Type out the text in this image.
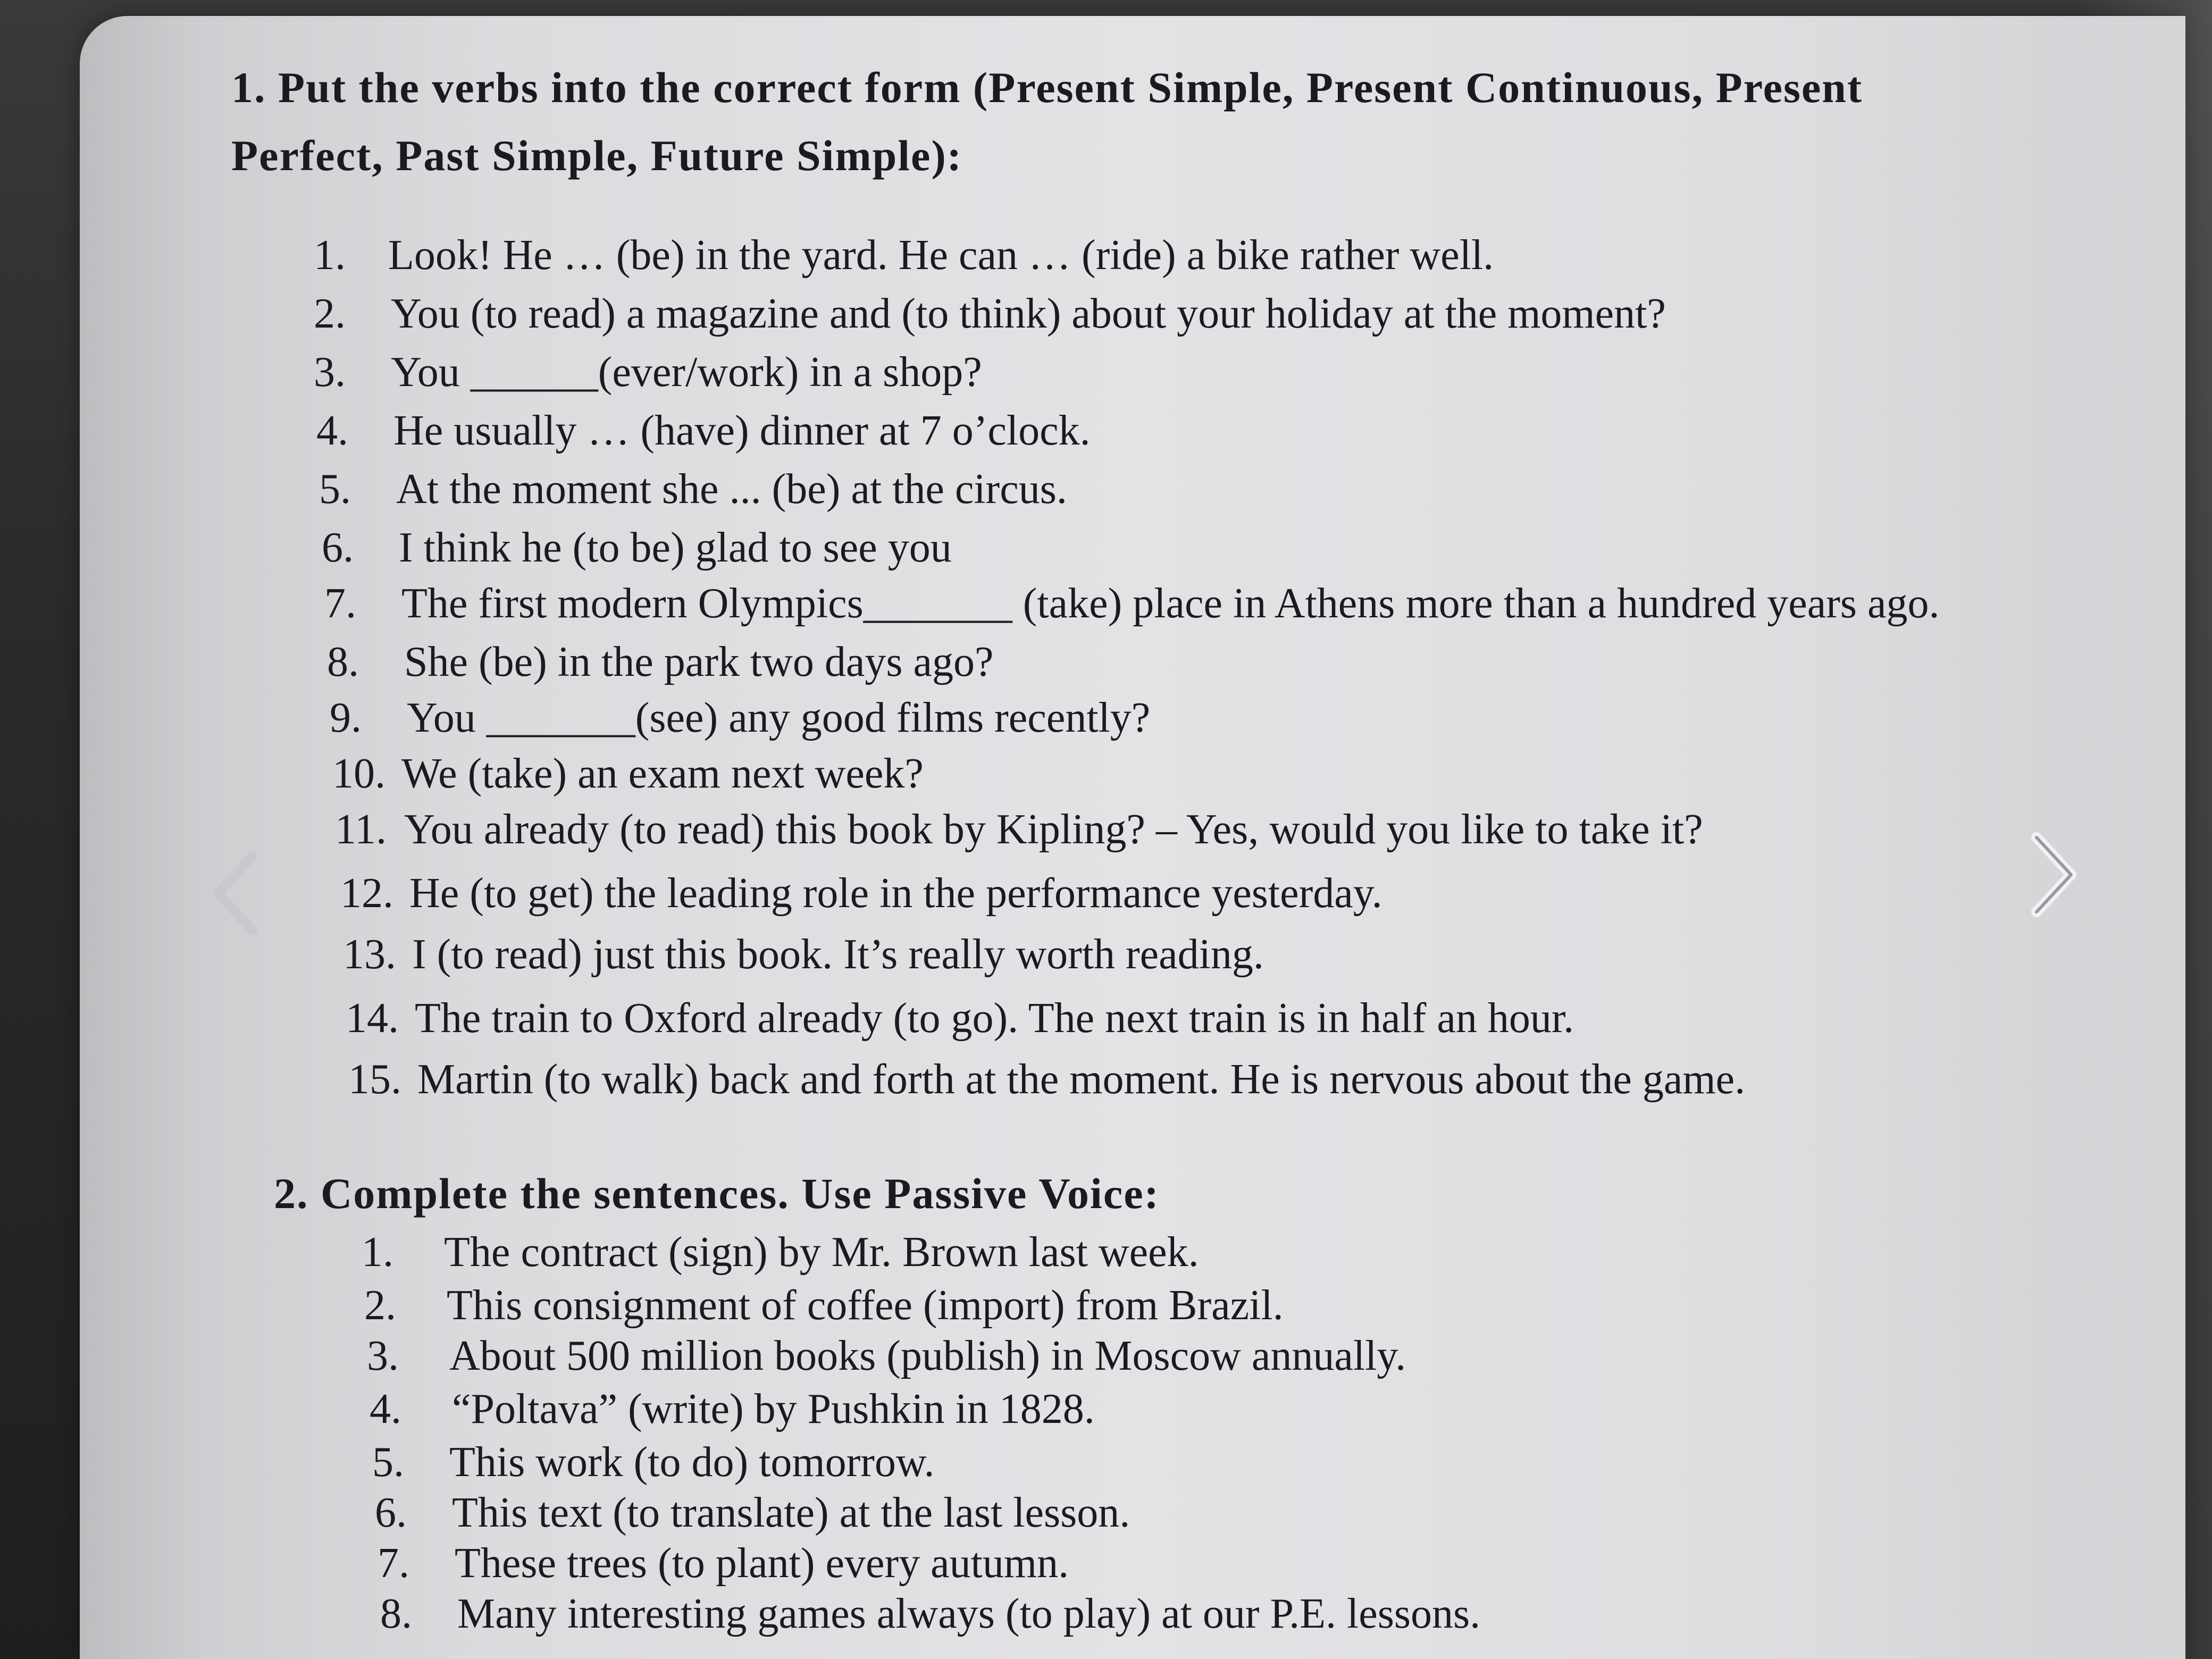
1. Put the verbs into the correct form (Present Simple, Present Continuous, Present
Perfect, Past Simple, Future Simple):
1. Look! He … (be) in the yard. He can … (ride) a bike rather well.
2. You (to read) a magazine and (to think) about your holiday at the moment?
3. You ______(ever/work) in a shop?
4. He usually … (have) dinner at 7 o’clock.
5. At the moment she ... (be) at the circus.
6. I think he (to be) glad to see you
7. The first modern Olympics_______ (take) place in Athens more than a hundred years ago.
8. She (be) in the park two days ago?
9. You _______(see) any good films recently?
10. We (take) an exam next week?
11. You already (to read) this book by Kipling? – Yes, would you like to take it?
12. He (to get) the leading role in the performance yesterday.
13. I (to read) just this book. It’s really worth reading.
14. The train to Oxford already (to go). The next train is in half an hour.
15. Martin (to walk) back and forth at the moment. He is nervous about the game.
2. Complete the sentences. Use Passive Voice:
1. The contract (sign) by Mr. Brown last week.
2. This consignment of coffee (import) from Brazil.
3. About 500 million books (publish) in Moscow annually.
4. “Poltava” (write) by Pushkin in 1828.
5. This work (to do) tomorrow.
6. This text (to translate) at the last lesson.
7. These trees (to plant) every autumn.
8. Many interesting games always (to play) at our P.E. lessons.
